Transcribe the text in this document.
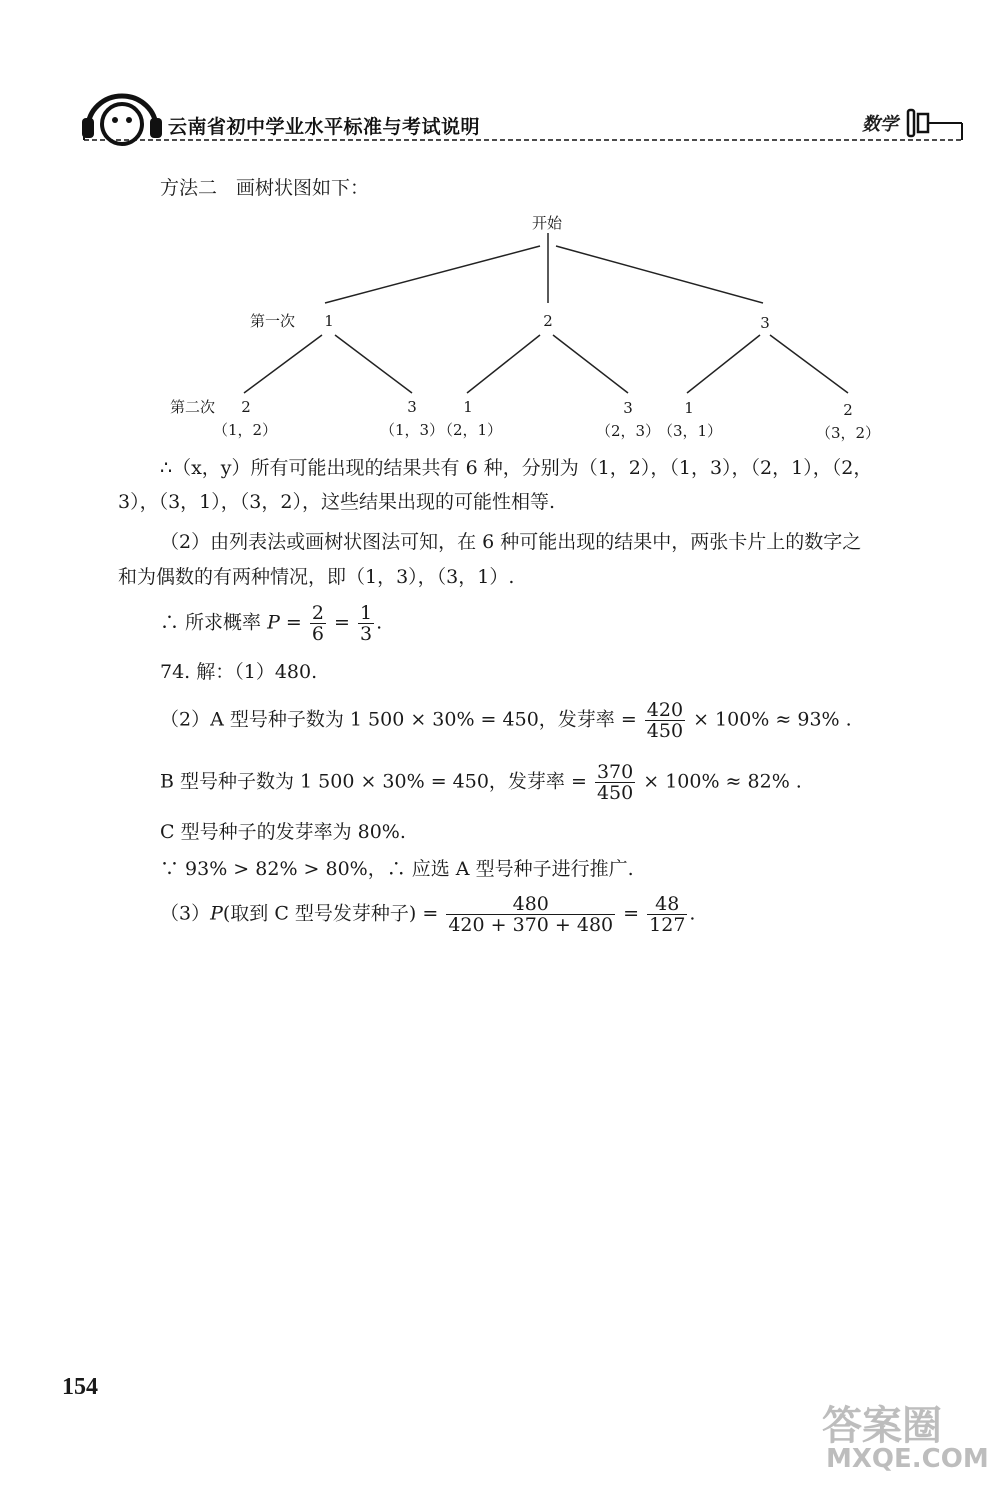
云南省初中学业水平标准与考试说明	数学
方法二　画树状图如下：
开始
第一次 1	2	3
第二次 2	3	1	3	1	2
（1，2）	（1，3）
（2，1）	（2，3）
（3，1）	（3，2）
∴（x，y）所有可能出现的结果共有 6 种，分别为（1，2），（1，3），（2，1），（2，
3），（3，1），（3，2），这些结果出现的可能性相等.
（2）由列表法或画树状图法可知，在 6 种可能出现的结果中，两张卡片上的数字之
和为偶数的有两种情况，即（1，3），（3，1）.
∴ 所求概率 $P = \frac{2}{6} = \frac{1}{3}$ .
74. 解：（1）480.
（2）A 型号种子数为 1 500 × 30% = 450，发芽率 = $\frac{420}{450} \times 100\% \approx 93\%$ .
B 型号种子数为 1 500 × 30% = 450，发芽率 = $\frac{370}{450} \times 100\% \approx 82\%$ .
C 型号种子的发芽率为 80%.
∵ 93% > 82% > 80%，∴ 应选 A 型号种子进行推广.
（3）P(取到 C 型号发芽种子) = $\frac{480}{420 + 370 + 480} = \frac{48}{127}$ .
154
答案圈
MXQE.COM
